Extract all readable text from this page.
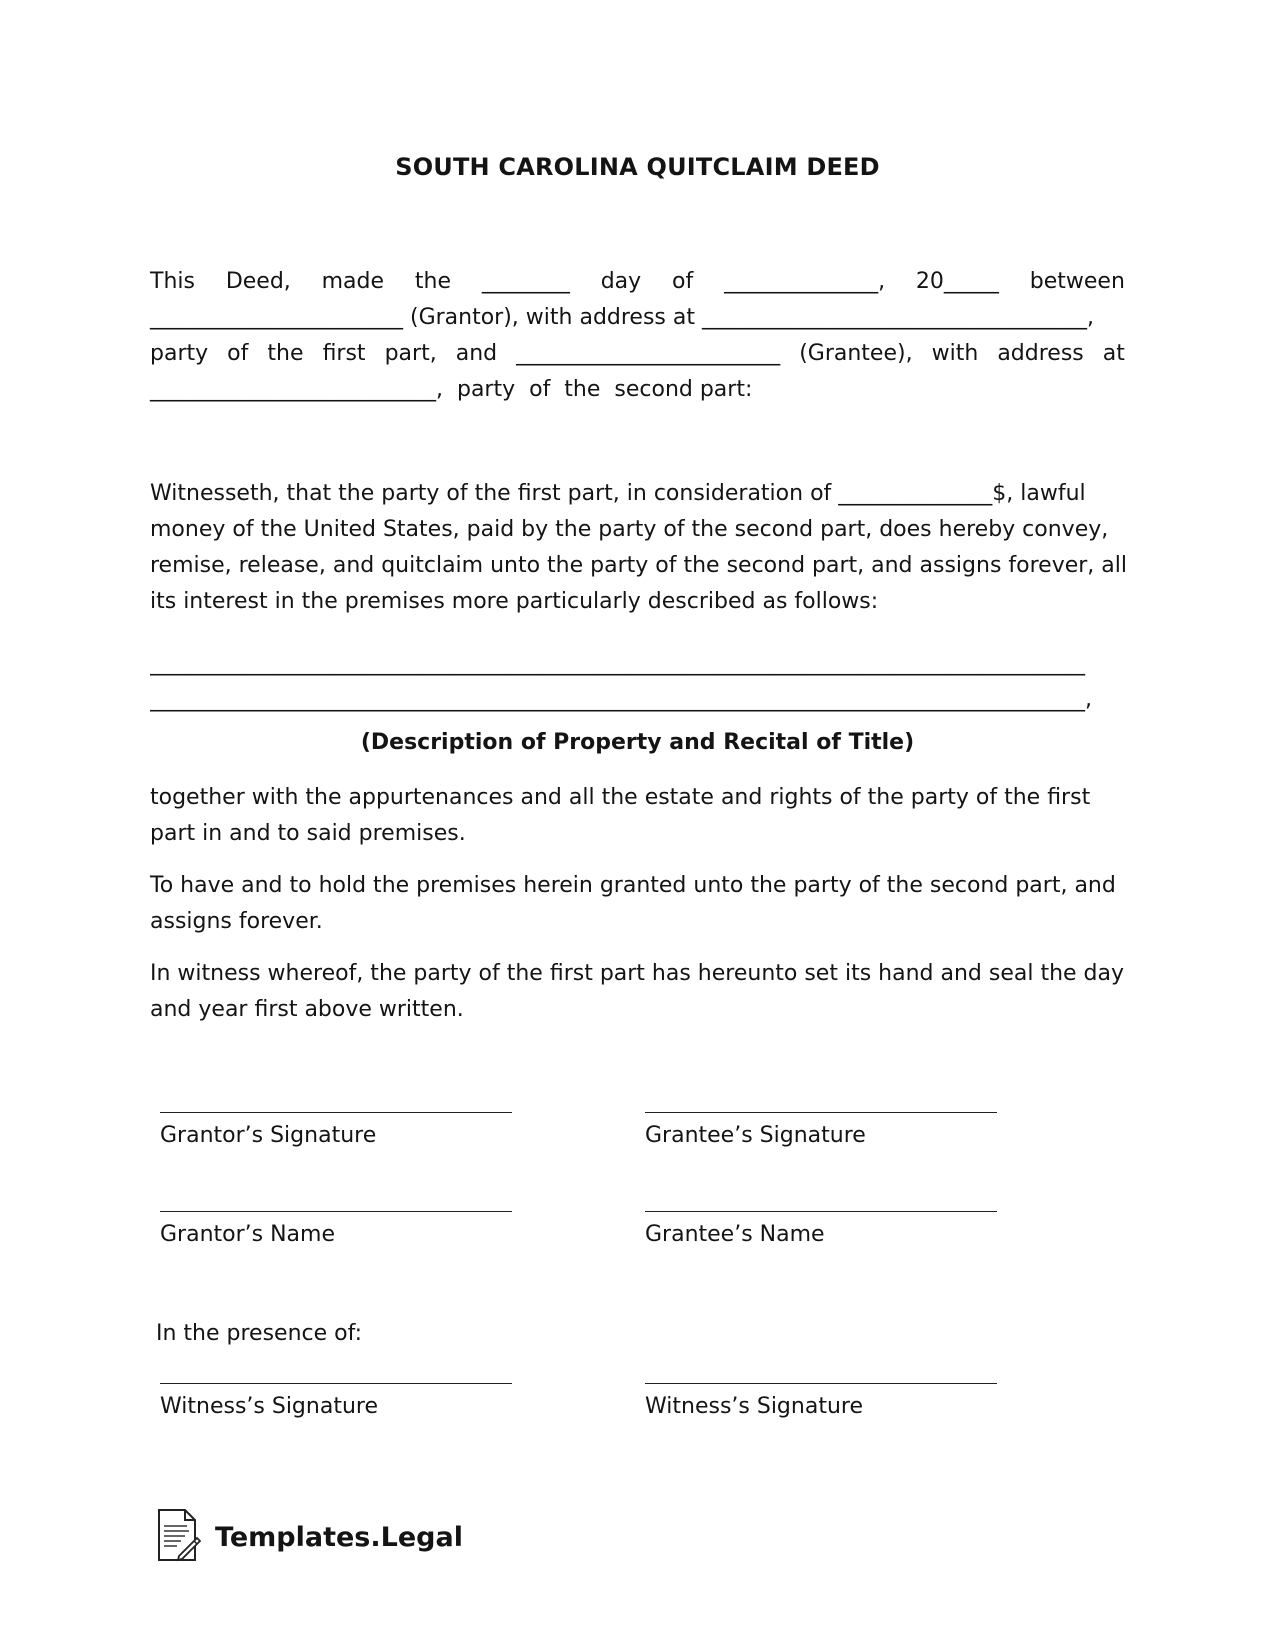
SOUTH CAROLINA QUITCLAIM DEED
This Deed, made the ________ day of ______________, 20_____ between
_______________________ (Grantor), with address at ___________________________________,
party of the first part, and ________________________ (Grantee), with address at
__________________________,  party  of  the  second part:
Witnesseth, that the party of the first part, in consideration of ______________$, lawful
money of the United States, paid by the party of the second part, does hereby convey,
remise, release, and quitclaim unto the party of the second part, and assigns forever, all
its interest in the premises more particularly described as follows:
_____________________________________________________________________________________
_____________________________________________________________________________________,
(Description of Property and Recital of Title)
together with the appurtenances and all the estate and rights of the party of the first part in and to said premises.
To have and to hold the premises herein granted unto the party of the second part, and assigns forever.
In witness whereof, the party of the first part has hereunto set its hand and seal the day and year first above written.
Grantor’s Signature	Grantee’s Signature
Grantor’s Name	Grantee’s Name
In the presence of:
Witness’s Signature	Witness’s Signature
Templates.Legal
